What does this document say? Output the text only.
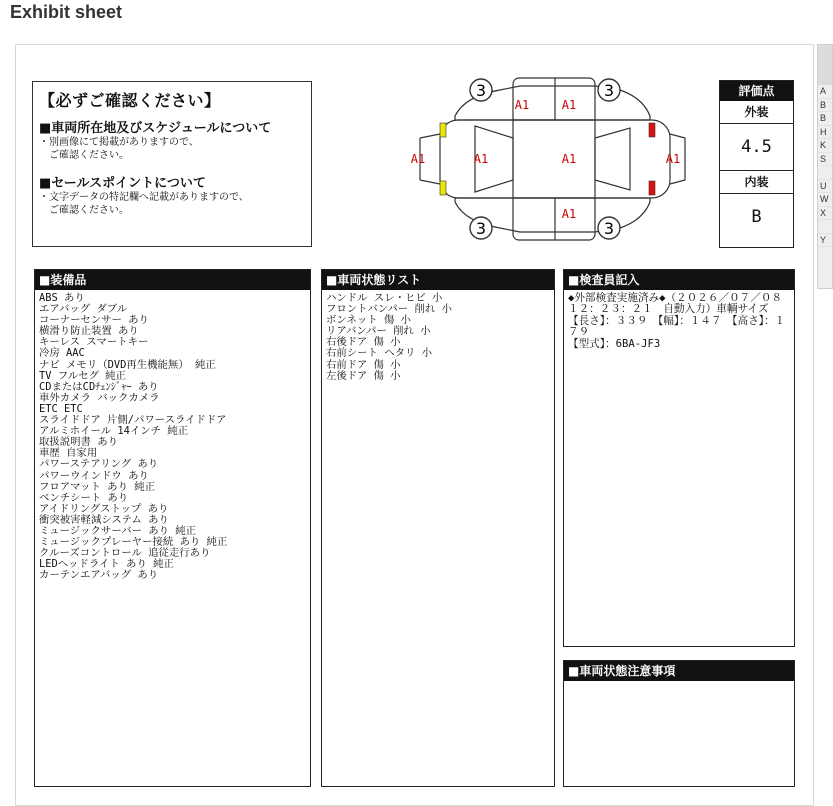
Exhibit sheet
【必ずご確認ください】
■車両所在地及びスケジュールについて
・別画像にて掲載がありますので、
　ご確認ください。
■セールスポイントについて
・文字データの特記欄へ記載がありますので、
　ご確認ください。
3	3
3	3
A1	A1
A1	A1	A1	A1
A1
評価点
外装
4.5
内装
B
■装備品
ABS あり
エアバッグ ダブル
コーナーセンサー あり
横滑り防止装置 あり
キーレス スマートキー
冷房 AAC
ナビ メモリ（DVD再生機能無） 純正
TV フルセグ 純正
CDまたはCDﾁｪﾝｼﾞｬｰ あり
車外カメラ バックカメラ
ETC ETC
スライドドア 片側/パワースライドドア
アルミホイール 14インチ 純正
取扱説明書 あり
車歴 自家用
パワーステアリング あり
パワーウインドウ あり
フロアマット あり 純正
ベンチシート あり
アイドリングストップ あり
衝突被害軽減システム あり
ミュージックサーバー あり 純正
ミュージックプレーヤー接続 あり 純正
クルーズコントロール 追従走行あり
LEDヘッドライト あり 純正
カーテンエアバッグ あり
■車両状態リスト
ハンドル スレ・ヒビ 小
フロントバンパー 削れ 小
ボンネット 傷 小
リアバンパー 削れ 小
右後ドア 傷 小
右前シート ヘタリ 小
右前ドア 傷 小
左後ドア 傷 小
■検査員記入
◆外部検査実施済み◆（２０２６／０７／０８　１２：２３：２１　自動入力）車輌サイズ
【長さ】：３３９　【幅】：１４７　【高さ】：１７９
【型式】：6BA-JF3
■車両状態注意事項
A
B
B
H
K
S
U
W
X
Y
